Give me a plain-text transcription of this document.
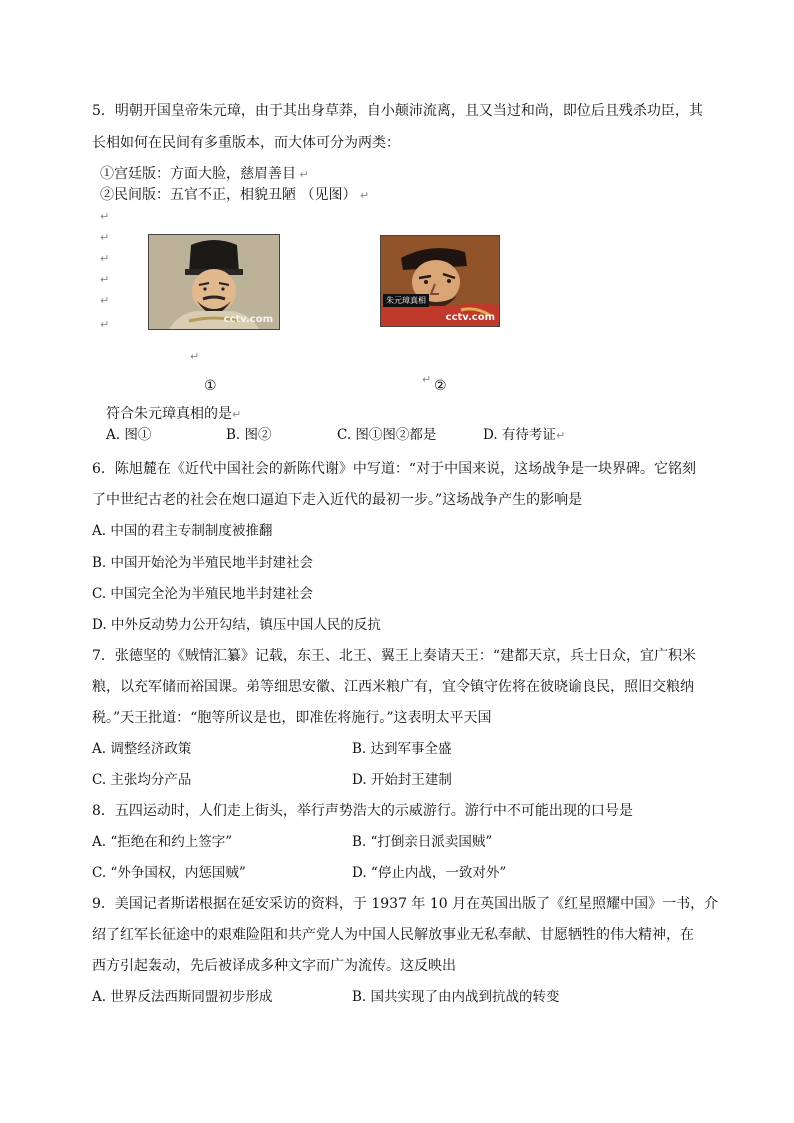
5．明朝开国皇帝朱元璋，由于其出身草莽，自小颠沛流离，且又当过和尚，即位后且残杀功臣，其
长相如何在民间有多重版本，而大体可分为两类：
①宫廷版：方面大脸，慈眉善目 ↵
②民间版：五官不正，相貌丑陋 （见图） ↵
↵
↵
↵
↵
↵
↵	cctv.com
朱元璋真相
cctv.com
↵
①	↵ ②
符合朱元璋真相的是↵
A. 图①	B. 图②	C. 图①图②都是	D. 有待考证↵
6．陈旭麓在《近代中国社会的新陈代谢》中写道：“对于中国来说，这场战争是一块界碑。它铭刻
了中世纪古老的社会在炮口逼迫下走入近代的最初一步。”这场战争产生的影响是
A. 中国的君主专制制度被推翻
B. 中国开始沦为半殖民地半封建社会
C. 中国完全沦为半殖民地半封建社会
D. 中外反动势力公开勾结，镇压中国人民的反抗
7．张德坚的《贼情汇纂》记载，东王、北王、翼王上奏请天王：“建都天京，兵士日众，宜广积米
粮，以充军储而裕国课。弟等细思安徽、江西米粮广有，宜令镇守佐将在彼晓谕良民，照旧交粮纳
税。”天王批道：“胞等所议是也，即准佐将施行。”这表明太平天国
A. 调整经济政策	B. 达到军事全盛
C. 主张均分产品	D. 开始封王建制
8．五四运动时，人们走上街头，举行声势浩大的示威游行。游行中不可能出现的口号是
A. “拒绝在和约上签字”	B. “打倒亲日派卖国贼”
C. “外争国权，内惩国贼”	D. “停止内战，一致对外”
9．美国记者斯诺根据在延安采访的资料，于 1937 年 10 月在英国出版了《红星照耀中国》一书，介
绍了红军长征途中的艰难险阻和共产党人为中国人民解放事业无私奉献、甘愿牺牲的伟大精神，在
西方引起轰动，先后被译成多种文字而广为流传。这反映出
A. 世界反法西斯同盟初步形成	B. 国共实现了由内战到抗战的转变
